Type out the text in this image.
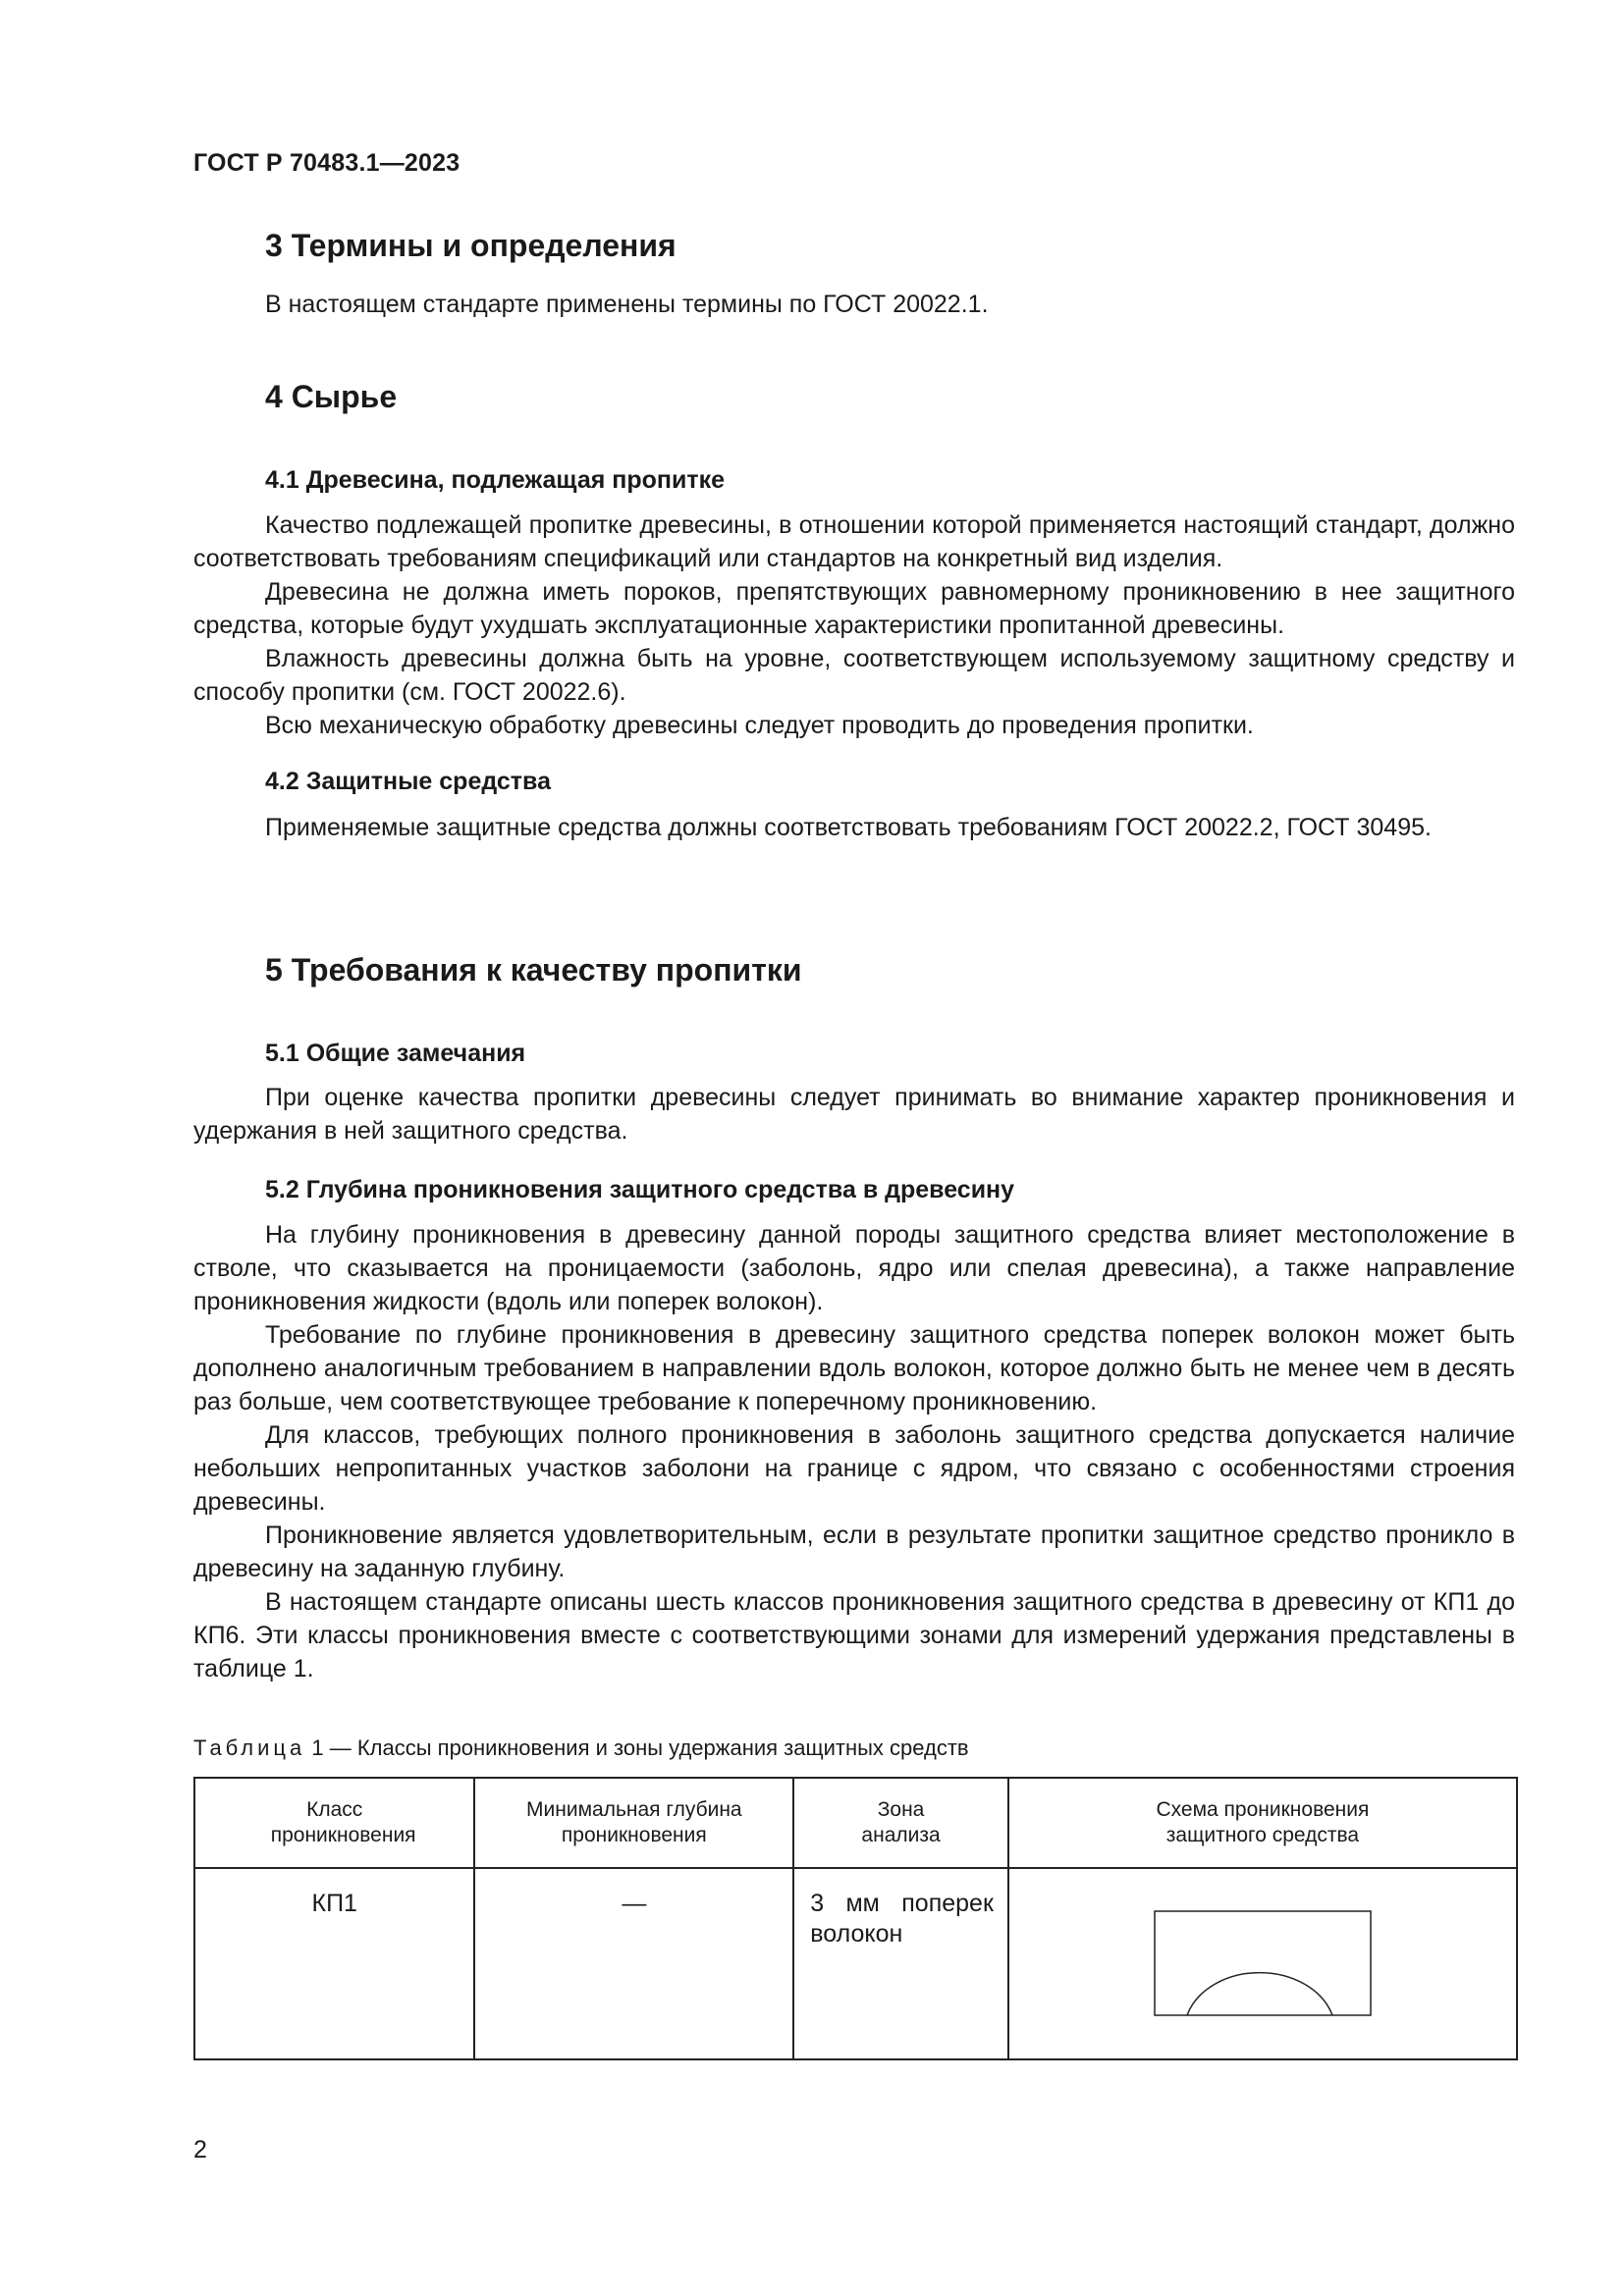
ГОСТ Р 70483.1—2023
3 Термины и определения

В настоящем стандарте применены термины по ГОСТ 20022.1.

4 Сырье
4.1 Древесина, подлежащая пропитке

Качество подлежащей пропитке древесины, в отношении которой применяется настоящий стандарт, должно соответствовать требованиям спецификаций или стандартов на конкретный вид изделия.

Древесина не должна иметь пороков, препятствующих равномерному проникновению в нее защитного средства, которые будут ухудшать эксплуатационные характеристики пропитанной древесины.

Влажность древесины должна быть на уровне, соответствующем используемому защитному средству и способу пропитки (см. ГОСТ 20022.6).

Всю механическую обработку древесины следует проводить до проведения пропитки.

4.2 Защитные средства

Применяемые защитные средства должны соответствовать требованиям ГОСТ 20022.2, ГОСТ 30495.

5 Требования к качеству пропитки
5.1 Общие замечания

При оценке качества пропитки древесины следует принимать во внимание характер проникновения и удержания в ней защитного средства.

5.2 Глубина проникновения защитного средства в древесину

На глубину проникновения в древесину данной породы защитного средства влияет местоположение в стволе, что сказывается на проницаемости (заболонь, ядро или спелая древесина), а также направление проникновения жидкости (вдоль или поперек волокон).

Требование по глубине проникновения в древесину защитного средства поперек волокон может быть дополнено аналогичным требованием в направлении вдоль волокон, которое должно быть не менее чем в десять раз больше, чем соответствующее требование к поперечному проникновению.

Для классов, требующих полного проникновения в заболонь защитного средства допускается наличие небольших непропитанных участков заболони на границе с ядром, что связано с особенностями строения древесины.

Проникновение является удовлетворительным, если в результате пропитки защитное средство проникло в древесину на заданную глубину.

В настоящем стандарте описаны шесть классов проникновения защитного средства в древесину от КП1 до КП6. Эти классы проникновения вместе с соответствующими зонами для измерений удержания представлены в таблице 1.

Таблица 1 — Классы проникновения и зоны удержания защитных средств
Класс проникновения	Минимальная глубина проникновения	Зона анализа	Схема проникновения защитного средства

КП1	—	3 мм поперек волокон	
2
